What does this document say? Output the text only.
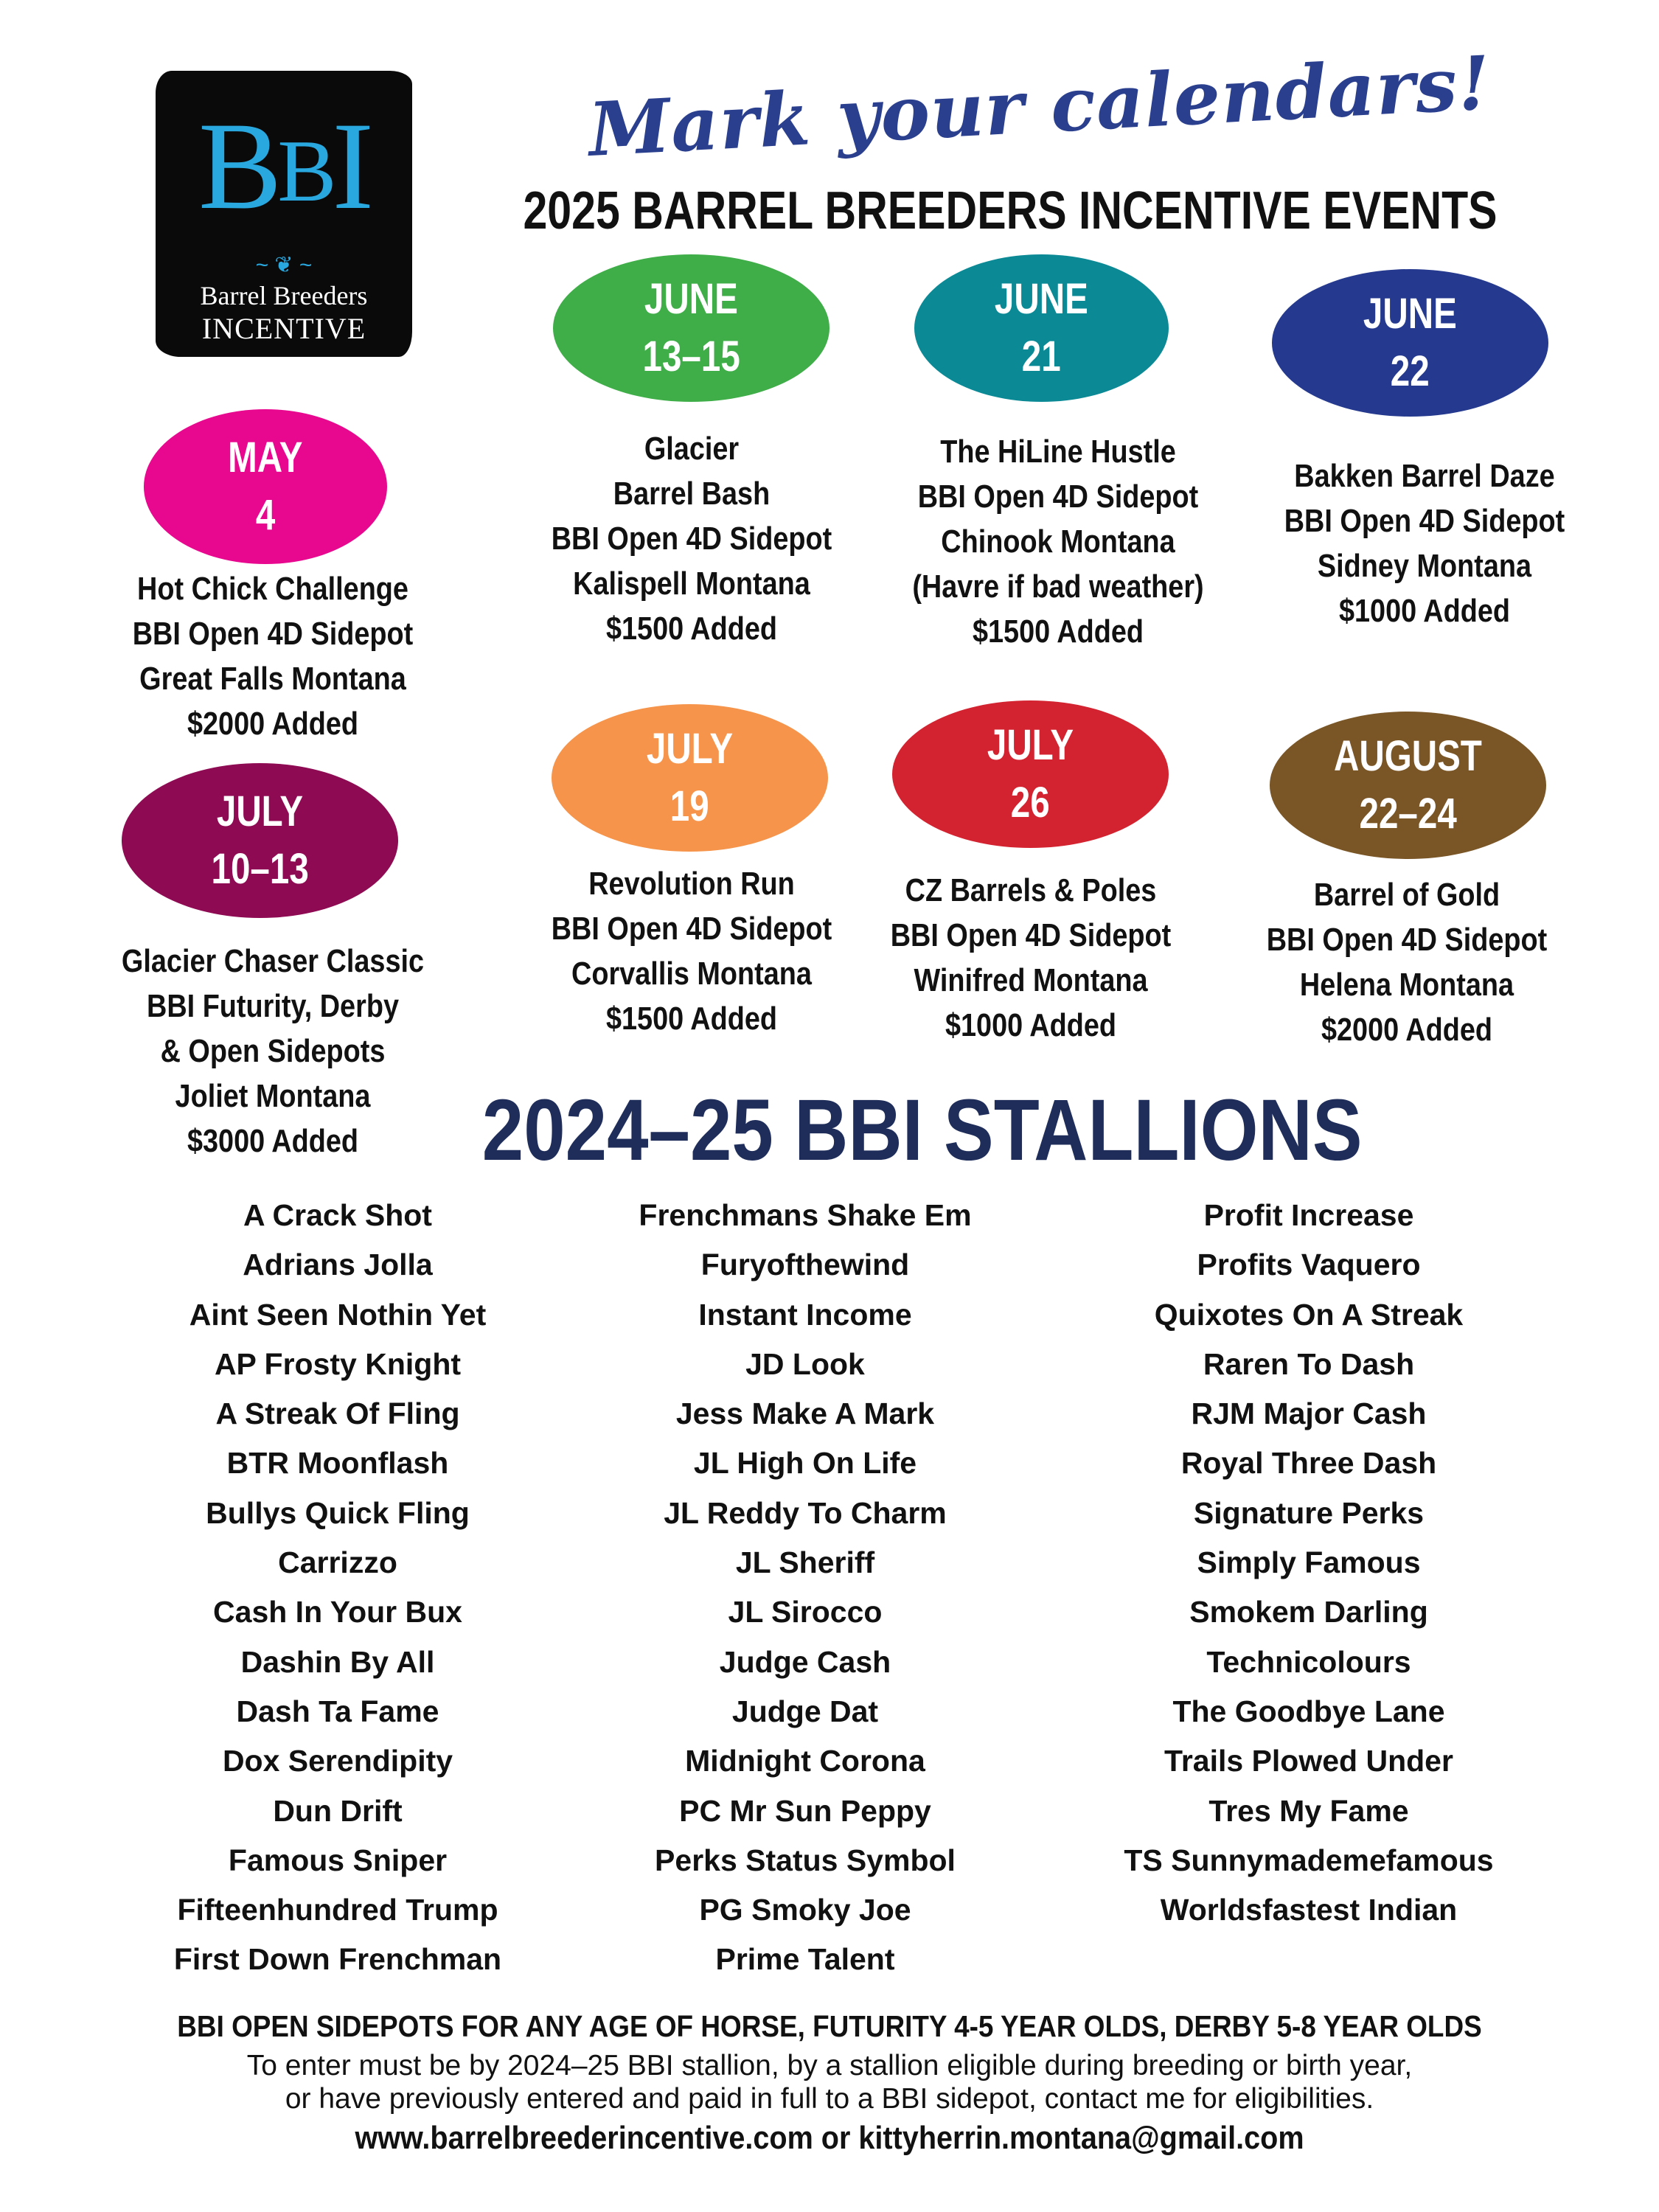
BBI
~ ❦ ~
Barrel Breeders
INCENTIVE
Mark your calendars!
2025 BARREL BREEDERS INCENTIVE EVENTS
MAY
4
JUNE
13–15
JUNE
21
JUNE
22
JULY
10–13
JULY
19
JULY
26
AUGUST
22–24
Hot Chick Challenge
BBI Open 4D Sidepot
Great Falls Montana
$2000 Added
Glacier
Barrel Bash
BBI Open 4D Sidepot
Kalispell Montana
$1500 Added
The HiLine Hustle
BBI Open 4D Sidepot
Chinook Montana
(Havre if bad weather)
$1500 Added
Bakken Barrel Daze
BBI Open 4D Sidepot
Sidney Montana
$1000 Added
Glacier Chaser Classic
BBI Futurity, Derby
& Open Sidepots
Joliet Montana
$3000 Added
Revolution Run
BBI Open 4D Sidepot
Corvallis Montana
$1500 Added
CZ Barrels & Poles
BBI Open 4D Sidepot
Winifred Montana
$1000 Added
Barrel of Gold
BBI Open 4D Sidepot
Helena Montana
$2000 Added
2024–25 BBI STALLIONS
A Crack Shot
Adrians Jolla
Aint Seen Nothin Yet
AP Frosty Knight
A Streak Of Fling
BTR Moonflash
Bullys Quick Fling
Carrizzo
Cash In Your Bux
Dashin By All
Dash Ta Fame
Dox Serendipity
Dun Drift
Famous Sniper
Fifteenhundred Trump
First Down Frenchman
Frenchmans Shake Em
Furyofthewind
Instant Income
JD Look
Jess Make A Mark
JL High On Life
JL Reddy To Charm
JL Sheriff
JL Sirocco
Judge Cash
Judge Dat
Midnight Corona
PC Mr Sun Peppy
Perks Status Symbol
PG Smoky Joe
Prime Talent
Profit Increase
Profits Vaquero
Quixotes On A Streak
Raren To Dash
RJM Major Cash
Royal Three Dash
Signature Perks
Simply Famous
Smokem Darling
Technicolours
The Goodbye Lane
Trails Plowed Under
Tres My Fame
TS Sunnymademefamous
Worldsfastest Indian
BBI OPEN SIDEPOTS FOR ANY AGE OF HORSE, FUTURITY 4-5 YEAR OLDS, DERBY 5-8 YEAR OLDS
To enter must be by 2024–25 BBI stallion, by a stallion eligible during breeding or birth year,
or have previously entered and paid in full to a BBI sidepot, contact me for eligibilities.
www.barrelbreederincentive.com or kittyherrin.montana@gmail.com
